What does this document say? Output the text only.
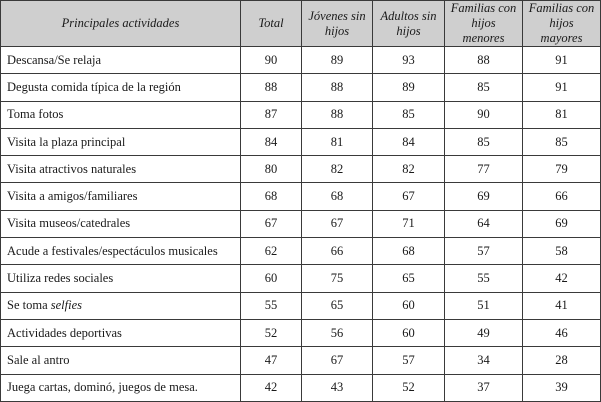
Principales actividades	Total	Jóvenes sin hijos	Adultos sin hijos	Familias con hijos menores	Familias con hijos mayores
Descansa/Se relaja	90	89	93	88	91
Degusta comida típica de la región	88	88	89	85	91
Toma fotos	87	88	85	90	81
Visita la plaza principal	84	81	84	85	85
Visita atractivos naturales	80	82	82	77	79
Visita a amigos/familiares	68	68	67	69	66
Visita museos/catedrales	67	67	71	64	69
Acude a festivales/espectáculos musicales	62	66	68	57	58
Utiliza redes sociales	60	75	65	55	42
Se toma selfies	55	65	60	51	41
Actividades deportivas	52	56	60	49	46
Sale al antro	47	67	57	34	28
Juega cartas, dominó, juegos de mesa.	42	43	52	37	39
